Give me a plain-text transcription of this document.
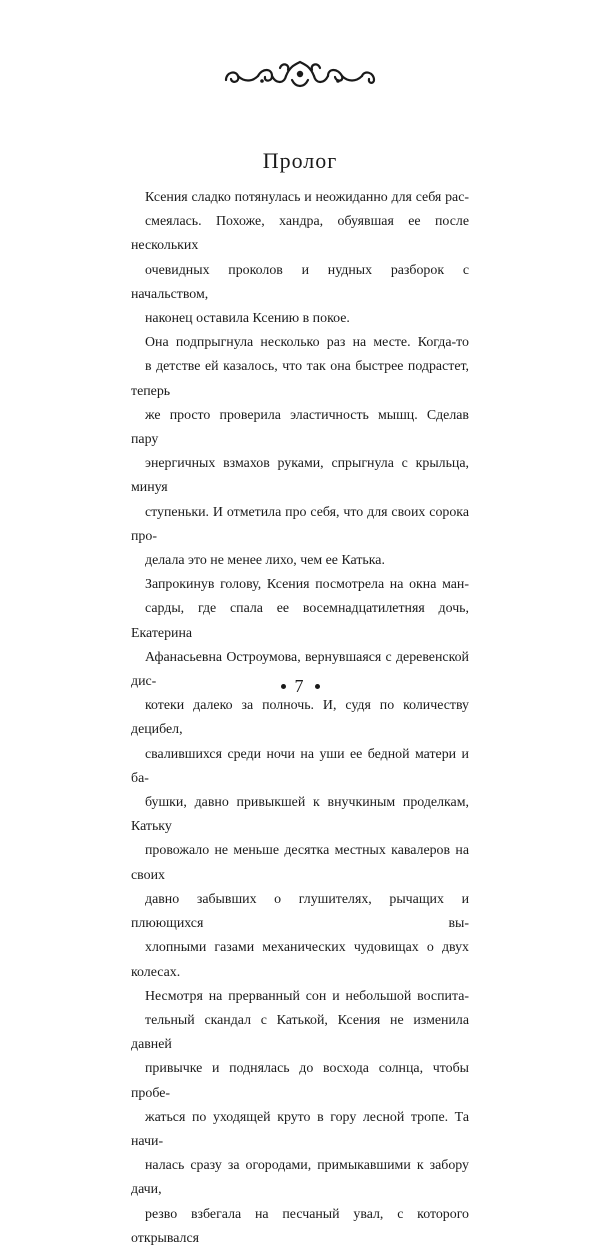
Пролог

Ксения сладко потянулась и неожиданно для себя рас-
смеялась. Похоже, хандра, обуявшая ее после нескольких
очевидных проколов и нудных разборок с начальством,
наконец оставила Ксению в покое.

Она подпрыгнула несколько раз на месте. Когда-то
в детстве ей казалось, что так она быстрее подрастет, теперь
же просто проверила эластичность мышц. Сделав пару
энергичных взмахов руками, спрыгнула с крыльца, минуя
ступеньки. И отметила про себя, что для своих сорока про-
делала это не менее лихо, чем ее Катька.

Запрокинув голову, Ксения посмотрела на окна ман-
сарды, где спала ее восемнадцатилетняя дочь, Екатерина
Афанасьевна Остроумова, вернувшаяся с деревенской дис-
котеки далеко за полночь. И, судя по количеству децибел,
свалившихся среди ночи на уши ее бедной матери и ба-
бушки, давно привыкшей к внучкиным проделкам, Катьку
провожало не меньше десятка местных кавалеров на своих
давно забывших о глушителях, рычащих и плюющихся вы-
хлопными газами механических чудовищах о двух колесах.

Несмотря на прерванный сон и небольшой воспита-
тельный скандал с Катькой, Ксения не изменила давней
привычке и поднялась до восхода солнца, чтобы пробе-
жаться по уходящей круто в гору лесной тропе. Та начи-
налась сразу за огородами, примыкавшими к забору дачи,
резво взбегала на песчаный увал, с которого открывался

7
